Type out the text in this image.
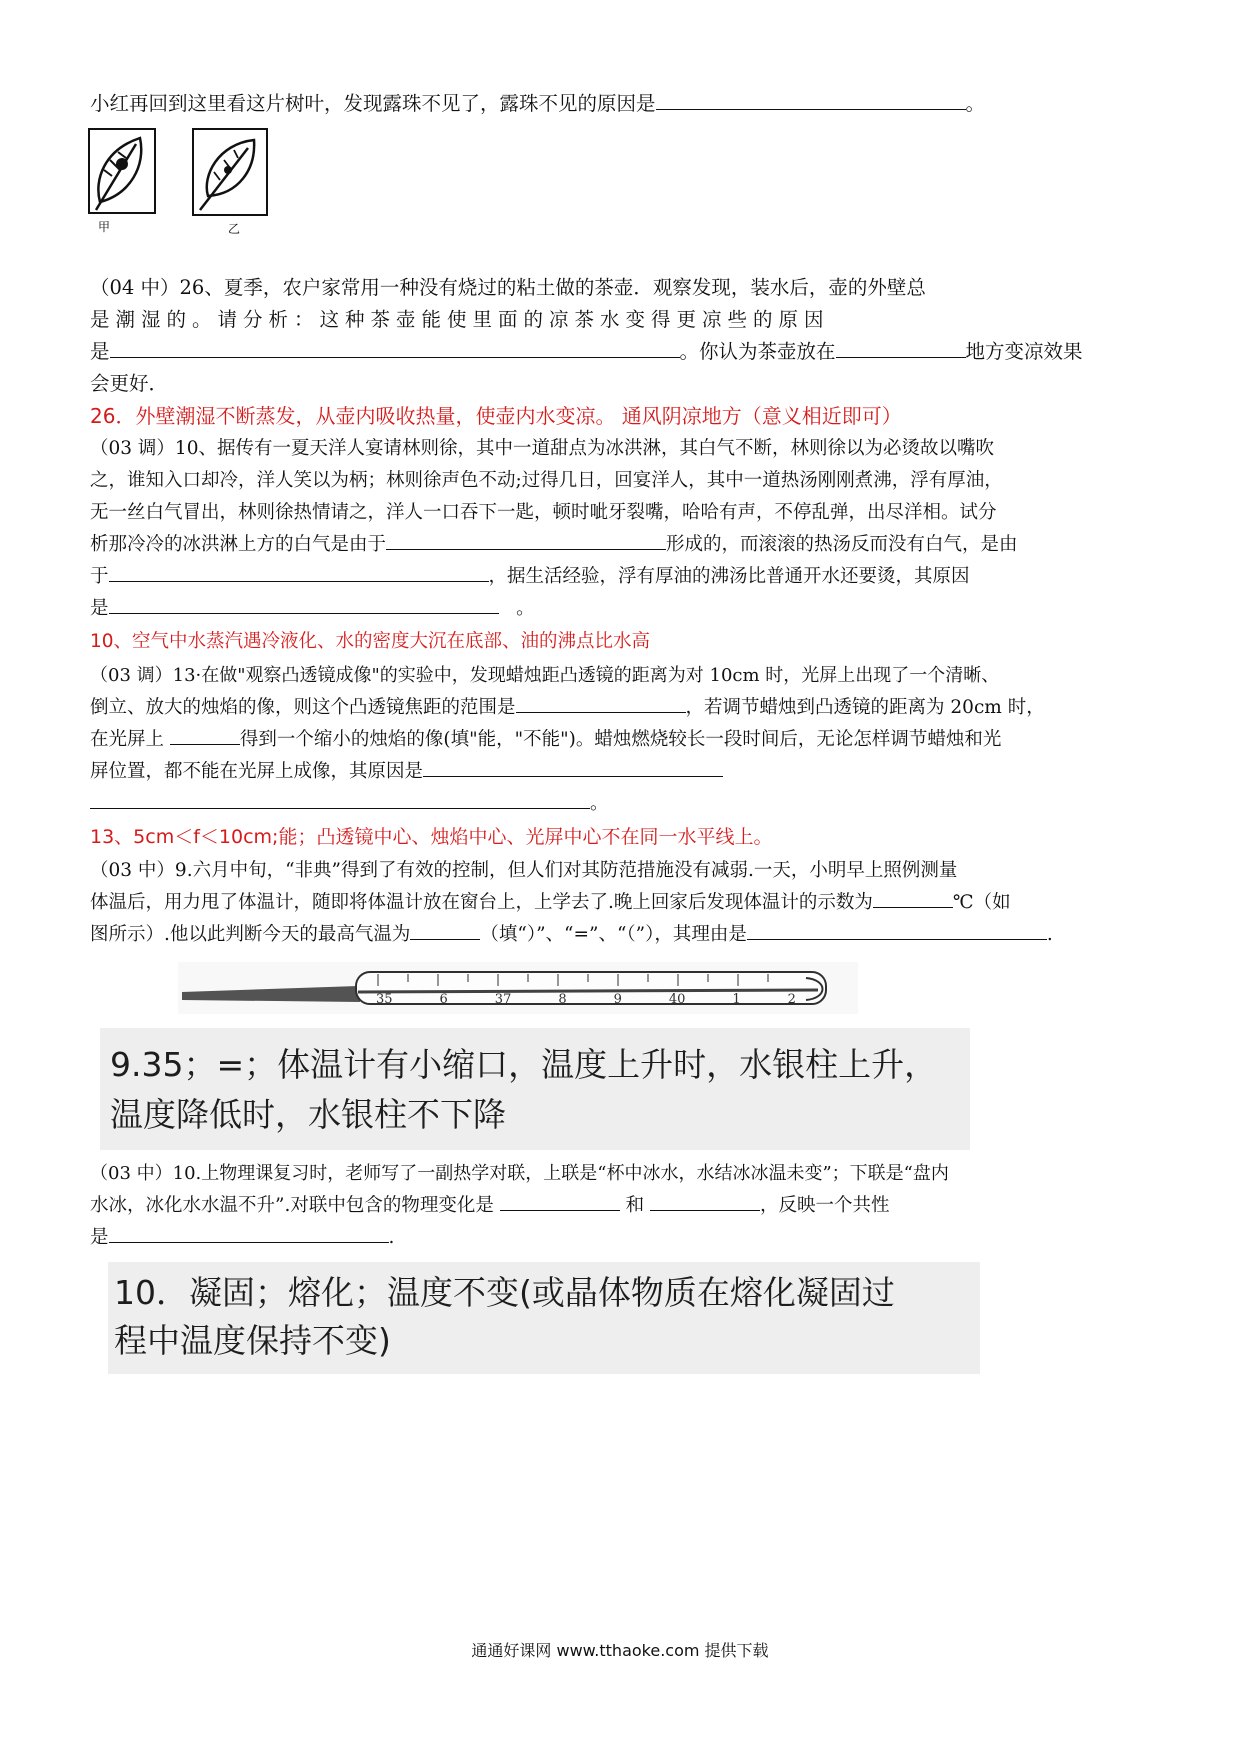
小红再回到这里看这片树叶，发现露珠不见了，露珠不见的原因是	。
甲	乙
（04 中）26、夏季，农户家常用一种没有烧过的粘土做的茶壶．观察发现，装水后，壶的外壁总
是潮湿的。请分析：这种茶壶能使里面的凉茶水变得更凉些的原因
是	。你认为茶壶放在	地方变凉效果
会更好．
26．外壁潮湿不断蒸发，从壶内吸收热量，使壶内水变凉。 通风阴凉地方（意义相近即可）
（03 调）10、据传有一夏天洋人宴请林则徐，其中一道甜点为冰洪淋，其白气不断，林则徐以为必烫故以嘴吹
之，谁知入口却冷，洋人笑以为柄；林则徐声色不动;过得几日，回宴洋人，其中一道热汤刚刚煮沸，浮有厚油，
无一丝白气冒出，林则徐热情请之，洋人一口吞下一匙，顿时呲牙裂嘴，哈哈有声，不停乱弹，出尽洋相。试分
析那冷冷的冰洪淋上方的白气是由于	形成的，而滚滚的热汤反而没有白气，是由
于	，据生活经验，浮有厚油的沸汤比普通开水还要烫，其原因
是	。
10、空气中水蒸汽遇冷液化、水的密度大沉在底部、油的沸点比水高
（03 调）13·在做"观察凸透镜成像"的实验中，发现蜡烛距凸透镜的距离为对 10cm 时，光屏上出现了一个清晰、
倒立、放大的烛焰的像，则这个凸透镜焦距的范围是	，若调节蜡烛到凸透镜的距离为 20cm 时，
在光屏上	得到一个缩小的烛焰的像(填"能，"不能")。蜡烛燃烧较长一段时间后，无论怎样调节蜡烛和光
屏位置，都不能在光屏上成像，其原因是
。
13、5cm＜f＜10cm;能；凸透镜中心、烛焰中心、光屏中心不在同一水平线上。
（03 中）9.六月中旬，“非典”得到了有效的控制，但人们对其防范措施没有减弱.一天，小明早上照例测量
体温后，用力甩了体温计，随即将体温计放在窗台上，上学去了.晚上回家后发现体温计的示数为	℃（如
图所示）.他以此判断今天的最高气温为	（填“）”、“=”、“（”），其理由是	.
35	6	37	8	9	40	1	2
9.35；=；体温计有小缩口，温度上升时，水银柱上升，
温度降低时，水银柱不下降
（03 中）10.上物理课复习时，老师写了一副热学对联，上联是“杯中冰水，水结冰冰温未变”；下联是“盘内
水冰，冰化水水温不升”.对联中包含的物理变化是	和	，反映一个共性
是	.
10．凝固；熔化；温度不变(或晶体物质在熔化凝固过
程中温度保持不变)
通通好课网 www.tthaoke.com 提供下载
